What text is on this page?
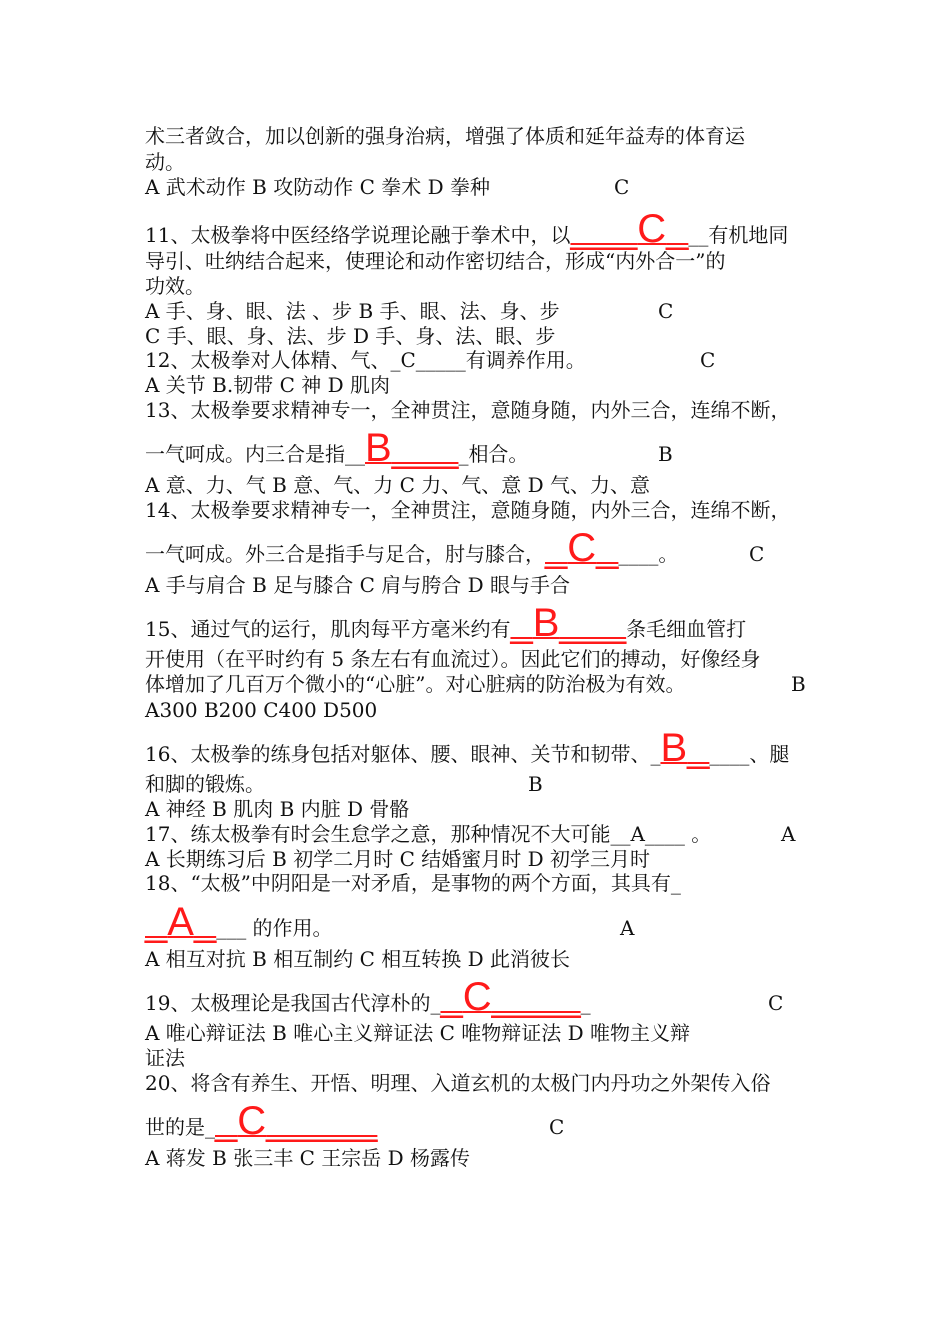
术三者敛合，加以创新的强身治病，增强了体质和延年益寿的体育运
动。
A 武术动作 B 攻防动作 C 拳术 D 拳种	C
11、太极拳将中医经络学说理论融于拳术中，以___C___有机地同
导引、吐纳结合起来，使理论和动作密切结合，形成“内外合一”的
功效。
A 手、身、眼、法 、步 B 手、眼、法、身、步	C
C 手、眼、身、法、步 D 手、身、法、眼、步
12、太极拳对人体精、气、_C_____有调养作用。	C
A 关节 B.韧带 C 神 D 肌肉
13、太极拳要求精神专一，全神贯注，意随身随，内外三合，连绵不断，
一气呵成。内三合是指__B____相合。	B
A 意、力、气 B 意、气、力 C 力、气、意 D 气、力、意
14、太极拳要求精神专一，全神贯注，意随身随，内外三合，连绵不断，
一气呵成。外三合是指手与足合，肘与膝合，_C_____。	C
A 手与肩合 B 足与膝合 C 肩与胯合 D 眼与手合
15、通过气的运行，肌肉每平方毫米约有_B___条毛细血管打
开使用（在平时约有 5 条左右有血流过）。因此它们的搏动，好像经身
体增加了几百万个微小的“心脏”。对心脏病的防治极为有效。	B
A300 B200 C400 D500
16、太极拳的练身包括对躯体、腰、眼神、关节和韧带、_B_____、腿
和脚的锻炼。	B
A 神经 B 肌肉 B 内脏 D 骨骼
17、练太极拳有时会生怠学之意，那种情况不大可能__A____ 。	A
A 长期练习后 B 初学二月时 C 结婚蜜月时 D 初学三月时
18、“太极”中阴阳是一对矛盾，是事物的两个方面，其具有_
_A____ 的作用。	A
A 相互对抗 B 相互制约 C 相互转换 D 此消彼长
19、太极理论是我国古代淳朴的__C_____	C
A 唯心辩证法 B 唯心主义辩证法 C 唯物辩证法 D 唯物主义辩
证法
20、将含有养生、开悟、明理、入道玄机的太极门内丹功之外架传入俗
世的是__C_____	C
A 蒋发 B 张三丰 C 王宗岳 D 杨露传
